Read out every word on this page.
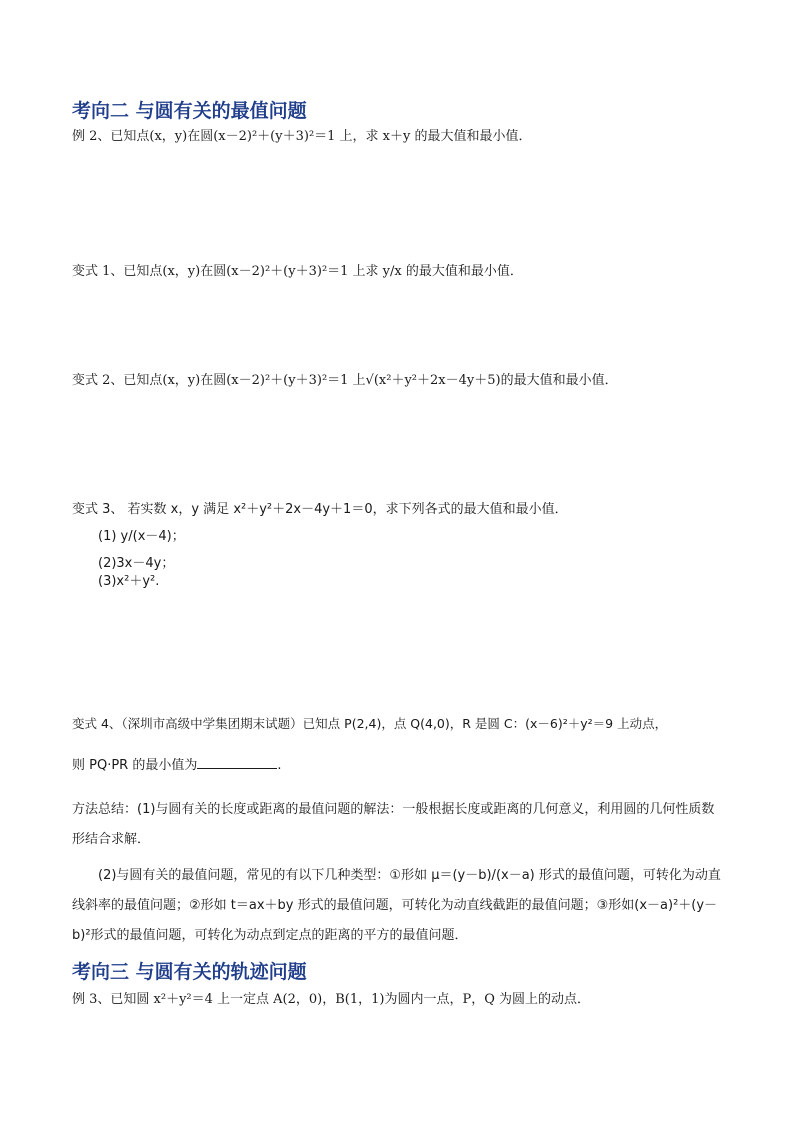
考向二 与圆有关的最值问题
例 2、已知点(x，y)在圆(x－2)²＋(y＋3)²＝1 上，求 x＋y 的最大值和最小值．
变式 1、已知点(x，y)在圆(x－2)²＋(y＋3)²＝1 上求 y/x 的最大值和最小值．
变式 2、已知点(x，y)在圆(x－2)²＋(y＋3)²＝1 上√(x²＋y²＋2x－4y＋5)的最大值和最小值．
变式 3、 若实数 x，y 满足 x²＋y²＋2x－4y＋1＝0，求下列各式的最大值和最小值．
(1) y/(x－4)；
(2)3x－4y；
(3)x²＋y².
变式 4、（深圳市高级中学集团期末试题）已知点 P(2,4)，点 Q(4,0)，R 是圆 C：(x－6)²＋y²＝9 上动点，
则 PQ·PR 的最小值为	.
方法总结：(1)与圆有关的长度或距离的最值问题的解法：一般根据长度或距离的几何意义，利用圆的几何性质数形结合求解．
(2)与圆有关的最值问题，常见的有以下几种类型：①形如 μ＝(y－b)/(x－a) 形式的最值问题，可转化为动直线斜率的最值问题；②形如 t＝ax＋by 形式的最值问题，可转化为动直线截距的最值问题；③形如(x－a)²＋(y－b)²形式的最值问题，可转化为动点到定点的距离的平方的最值问题．
考向三 与圆有关的轨迹问题
例 3、已知圆 x²＋y²＝4 上一定点 A(2，0)，B(1，1)为圆内一点，P，Q 为圆上的动点．
